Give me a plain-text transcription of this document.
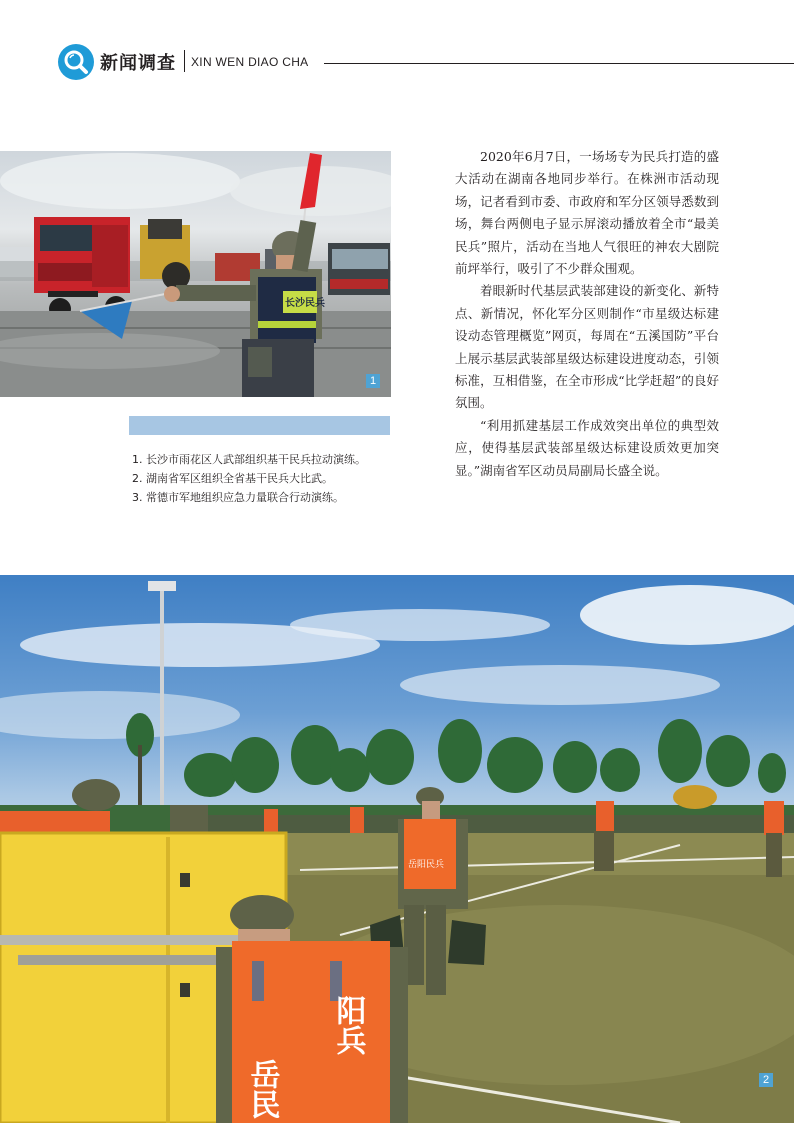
新闻调查 XIN WEN DIAO CHA
长沙民兵
1
1. 长沙市雨花区人武部组织基干民兵拉动演练。
2. 湖南省军区组织全省基干民兵大比武。
3. 常德市军地组织应急力量联合行动演练。

2020年6月7日，一场场专为民兵打造的盛大活动在湖南各地同步举行。在株洲市活动现场，记者看到市委、市政府和军分区领导悉数到场，舞台两侧电子显示屏滚动播放着全市“最美民兵”照片，活动在当地人气很旺的神农大剧院前坪举行，吸引了不少群众围观。

着眼新时代基层武装部建设的新变化、新特点、新情况，怀化军分区则制作“市星级达标建设动态管理概览”网页，每周在“五溪国防”平台上展示基层武装部星级达标建设进度动态，引领标准，互相借鉴，在全市形成“比学赶超”的良好氛围。

“利用抓建基层工作成效突出单位的典型效应，使得基层武装部星级达标建设质效更加突显。”湖南省军区动员局副局长盛全说。

岳阳民兵
岳民
阳兵
2
